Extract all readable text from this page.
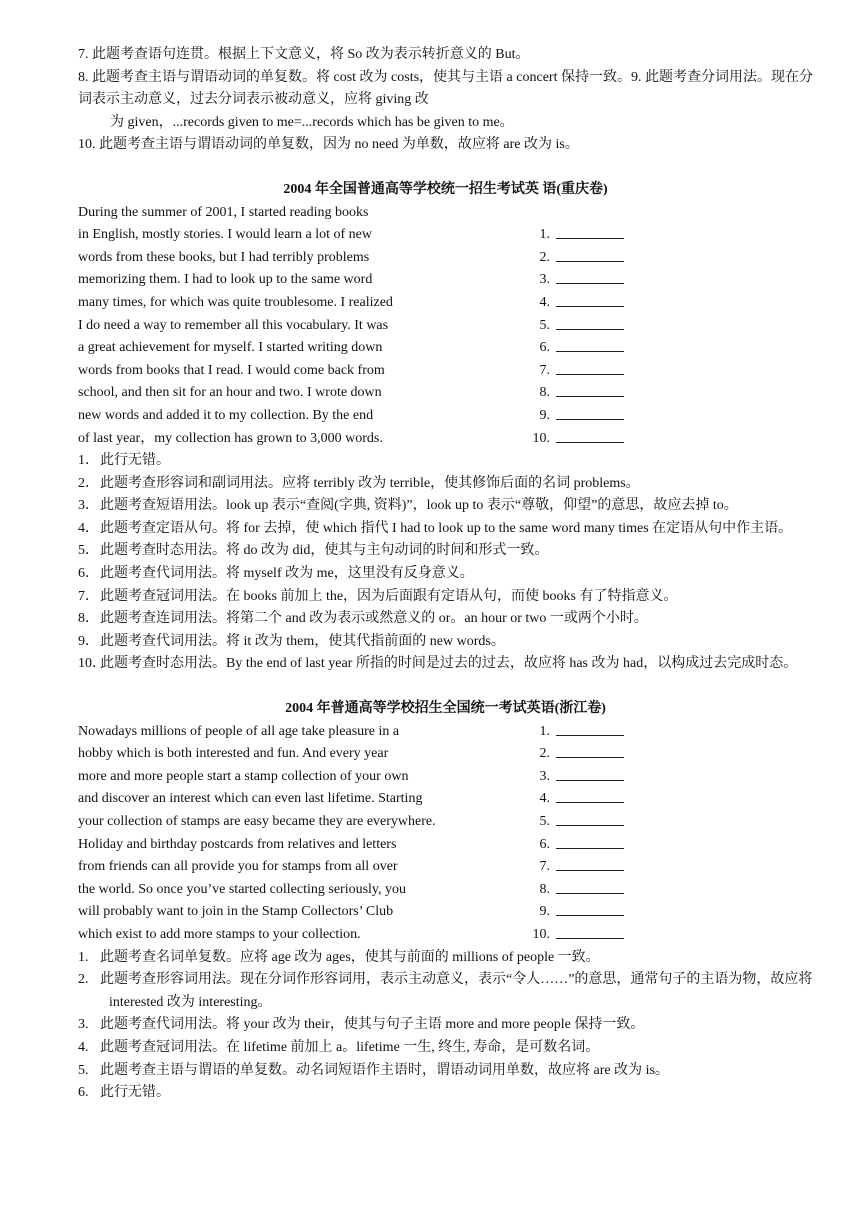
7. 此题考查语句连贯。根据上下文意义，将 So 改为表示转折意义的 But。
8. 此题考查主语与谓语动词的单复数。将 cost 改为 costs，使其与主语 a concert 保持一致。9. 此题考查分词用法。现在分词表示主动意义，过去分词表示被动意义，应将 giving 改
为 given，...records given to me=...records which has be given to me。
10. 此题考查主语与谓语动词的单复数，因为 no need 为单数，故应将 are 改为 is。
2004 年全国普通高等学校统一招生考试英 语(重庆卷)
During the summer of 2001, I started reading books
in English, mostly stories. I would learn a lot of new	1.
words from these books, but I had terribly problems	2.
memorizing them. I had to look up to the same word	3.
many times, for which was quite troublesome. I realized	4.
I do need a way to remember all this vocabulary. It was	5.
a great achievement for myself. I started writing down	6.
words from books that I read. I would come back from	7.
school, and then sit for an hour and two. I wrote down	8.
new words and added it to my collection. By the end	9.
of last year，my collection has grown to 3,000 words.	10.
1．此行无错。
2．此题考查形容词和副词用法。应将 terribly 改为 terrible，使其修饰后面的名词 problems。
3．此题考查短语用法。look up 表示“查阅(字典, 资料)”，look up to 表示“尊敬，仰望”的意思，故应去掉 to。
4．此题考查定语从句。将 for 去掉，使 which 指代 I had to look up to the same word many times 在定语从句中作主语。
5．此题考查时态用法。将 do 改为 did，使其与主句动词的时间和形式一致。
6．此题考查代词用法。将 myself 改为 me，这里没有反身意义。
7．此题考查冠词用法。在 books 前加上 the，因为后面跟有定语从句，而使 books 有了特指意义。
8．此题考查连词用法。将第二个 and 改为表示或然意义的 or。an hour or two 一或两个小时。
9．此题考查代词用法。将 it 改为 them，使其代指前面的 new words。
10．此题考查时态用法。By the end of last year 所指的时间是过去的过去，故应将 has 改为 had，以构成过去完成时态。
2004 年普通高等学校招生全国统一考试英语(浙江卷)
Nowadays millions of people of all age take pleasure in a	1.
hobby which is both interested and fun. And every year	2.
more and more people start a stamp collection of your own	3.
and discover an interest which can even last lifetime. Starting	4.
your collection of stamps are easy became they are everywhere.	5.
Holiday and birthday postcards from relatives and letters	6.
from friends can all provide you for stamps from all over	7.
the world. So once you’ve started collecting seriously, you	8.
will probably want to join in the Stamp Collectors’ Club	9.
which exist to add more stamps to your collection.	10.
1. 此题考查名词单复数。应将 age 改为 ages，使其与前面的 millions of people 一致。
2. 此题考查形容词用法。现在分词作形容词用，表示主动意义，表示“令人……”的意思，通常句子的主语为物，故应将 interested 改为 interesting。
3. 此题考查代词用法。将 your 改为 their，使其与句子主语 more and more people 保持一致。
4. 此题考查冠词用法。在 lifetime 前加上 a。lifetime 一生, 终生, 寿命，是可数名词。
5. 此题考查主语与谓语的单复数。动名词短语作主语时，谓语动词用单数，故应将 are 改为 is。
6. 此行无错。
